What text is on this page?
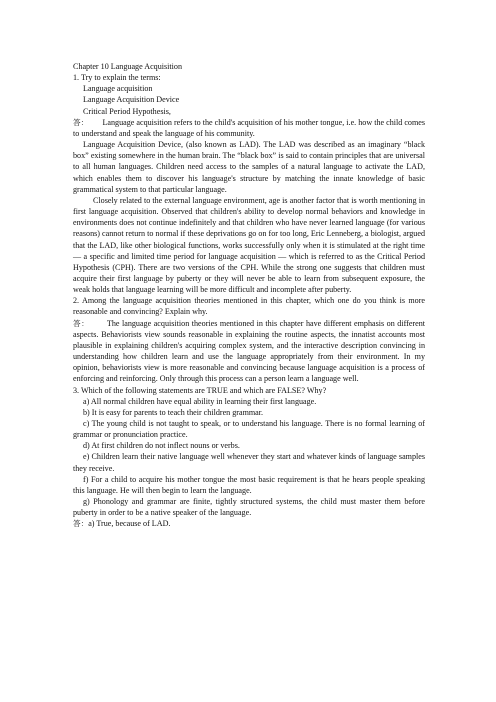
Chapter 10 Language Acquisition
1. Try to explain the terms:
Language acquisition
Language Acquisition Device
Critical Period Hypothesis,

答： Language acquisition refers to the child's acquisition of his mother tongue, i.e. how the child comes to understand and speak the language of his community.

Language Acquisition Device, (also known as LAD). The LAD was described as an imaginary “black box” existing somewhere in the human brain. The “black box” is said to contain principles that are universal to all human languages. Children need access to the samples of a natural language to activate the LAD, which enables them to discover his language's structure by matching the innate knowledge of basic grammatical system to that particular language.

Closely related to the external language environment, age is another factor that is worth mentioning in first language acquisition. Observed that children's ability to develop normal behaviors and knowledge in environments does not continue indefinitely and that children who have never learned language (for various reasons) cannot return to normal if these deprivations go on for too long, Eric Lenneberg, a biologist, argued that the LAD, like other biological functions, works successfully only when it is stimulated at the right time — a specific and limited time period for language acquisition — which is referred to as the Critical Period Hypothesis (CPH). There are two versions of the CPH. While the strong one suggests that children must acquire their first language by puberty or they will never be able to learn from subsequent exposure, the weak holds that language learning will be more difficult and incomplete after puberty.

2. Among the language acquisition theories mentioned in this chapter, which one do you think is more reasonable and convincing? Explain why.

答： The language acquisition theories mentioned in this chapter have different emphasis on different aspects. Behaviorists view sounds reasonable in explaining the routine aspects, the innatist accounts most plausible in explaining children's acquiring complex system, and the interactive description convincing in understanding how children learn and use the language appropriately from their environment. In my opinion, behaviorists view is more reasonable and convincing because language acquisition is a process of enforcing and reinforcing. Only through this process can a person learn a language well.

3. Which of the following statements are TRUE and which are FALSE? Why?

a) All normal children have equal ability in learning their first language.

b) It is easy for parents to teach their children grammar.

c) The young child is not taught to speak, or to understand his language. There is no formal learning of grammar or pronunciation practice.

d) At first children do not inflect nouns or verbs.

e) Children learn their native language well whenever they start and whatever kinds of language samples they receive.

f) For a child to acquire his mother tongue the most basic requirement is that he hears people speaking this language. He will then begin to learn the language.

g) Phonology and grammar are finite, tightly structured systems, the child must master them before puberty in order to be a native speaker of the language.

答：a) True, because of LAD.
